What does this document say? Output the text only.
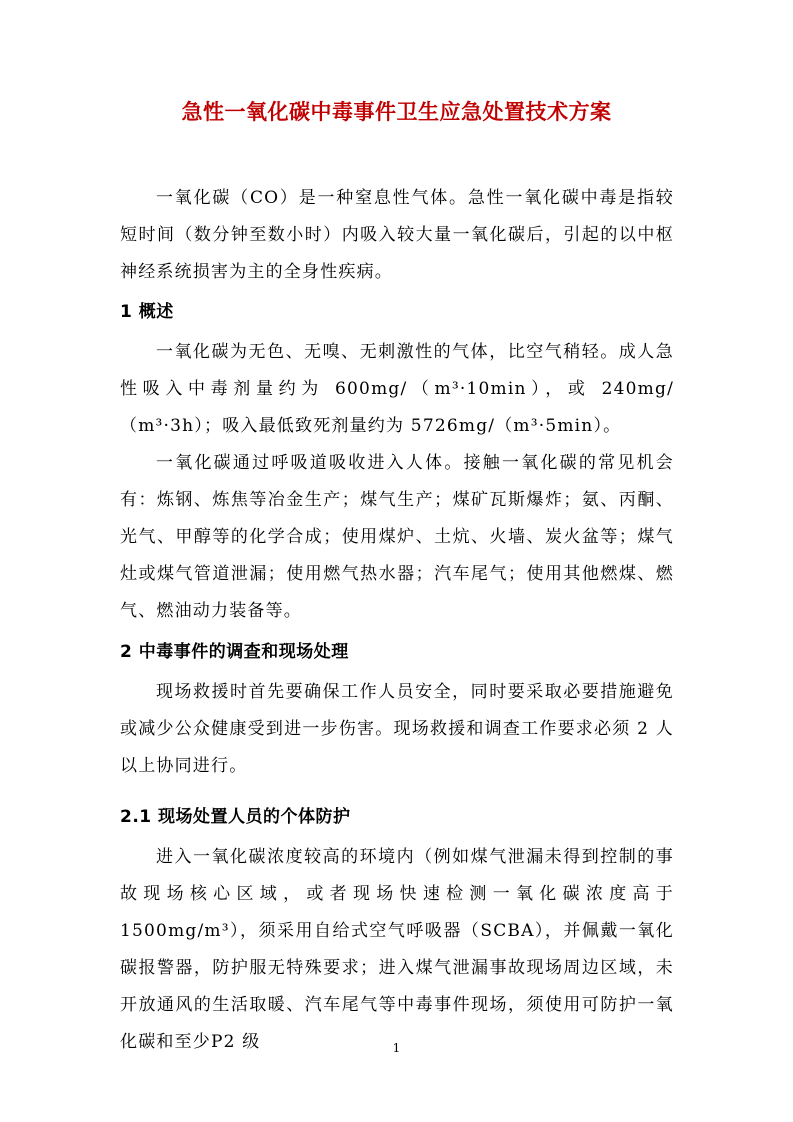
急性一氧化碳中毒事件卫生应急处置技术方案
一氧化碳（CO）是一种窒息性气体。急性一氧化碳中毒是指较短时间（数分钟至数小时）内吸入较大量一氧化碳后，引起的以中枢神经系统损害为主的全身性疾病。
1 概述
一氧化碳为无色、无嗅、无刺激性的气体，比空气稍轻。成人急性吸入中毒剂量约为 600mg/（m³·10min），或 240mg/（m³·3h）；吸入最低致死剂量约为 5726mg/（m³·5min）。
一氧化碳通过呼吸道吸收进入人体。接触一氧化碳的常见机会有：炼钢、炼焦等冶金生产；煤气生产；煤矿瓦斯爆炸；氨、丙酮、光气、甲醇等的化学合成；使用煤炉、土炕、火墙、炭火盆等；煤气灶或煤气管道泄漏；使用燃气热水器；汽车尾气；使用其他燃煤、燃气、燃油动力装备等。
2 中毒事件的调查和现场处理
现场救援时首先要确保工作人员安全，同时要采取必要措施避免或减少公众健康受到进一步伤害。现场救援和调查工作要求必须 2 人以上协同进行。
2.1 现场处置人员的个体防护
进入一氧化碳浓度较高的环境内（例如煤气泄漏未得到控制的事故现场核心区域，或者现场快速检测一氧化碳浓度高于 1500mg/m³），须采用自给式空气呼吸器（SCBA），并佩戴一氧化碳报警器，防护服无特殊要求；进入煤气泄漏事故现场周边区域，未开放通风的生活取暖、汽车尾气等中毒事件现场，须使用可防护一氧化碳和至少P2 级	1
